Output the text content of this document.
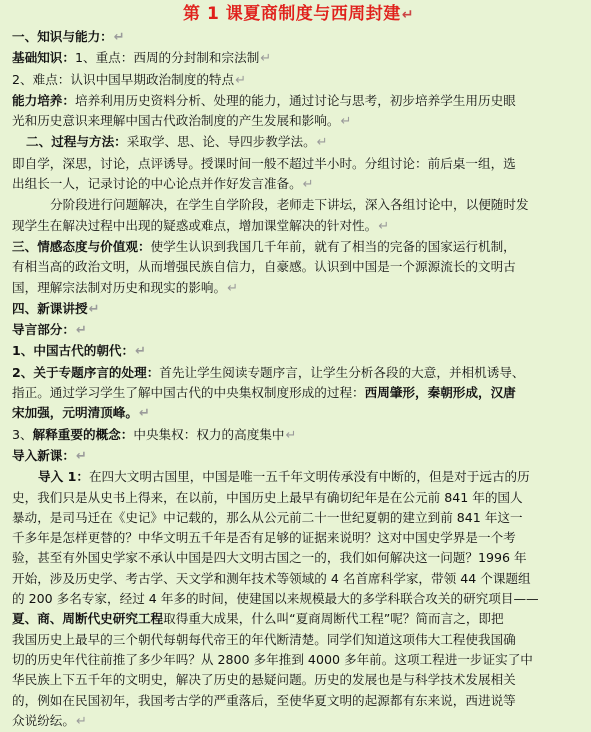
第 1 课夏商制度与西周封建↵

一、知识与能力：↵

基础知识：1、重点：西周的分封制和宗法制↵

2、难点：认识中国早期政治制度的特点↵

能力培养：培养利用历史资料分析、处理的能力，通过讨论与思考，初步培养学生用历史眼

光和历史意识来理解中国古代政治制度的产生发展和影响。↵

二、过程与方法：采取学、思、论、导四步教学法。↵

即自学，深思，讨论，点评诱导。授课时间一般不超过半小时。分组讨论：前后桌一组，选

出组长一人，记录讨论的中心论点并作好发言准备。↵

分阶段进行问题解决，在学生自学阶段，老师走下讲坛，深入各组讨论中，以便随时发

现学生在解决过程中出现的疑惑或难点，增加课堂解决的针对性。↵

三、情感态度与价值观：使学生认识到我国几千年前，就有了相当的完备的国家运行机制，

有相当高的政治文明，从而增强民族自信力，自豪感。认识到中国是一个源源流长的文明古

国，理解宗法制对历史和现实的影响。↵

四、新课讲授↵

导言部分：↵

1、中国古代的朝代：↵

2、关于专题序言的处理：首先让学生阅读专题序言，让学生分析各段的大意，并相机诱导、

指正。通过学习学生了解中国古代的中央集权制度形成的过程：西周肇形，秦朝形成，汉唐

宋加强，元明清顶峰。↵

3、解释重要的概念：中央集权：权力的高度集中↵

导入新课：↵

导入 1：在四大文明古国里，中国是唯一五千年文明传承没有中断的，但是对于远古的历

史，我们只是从史书上得来，在以前，中国历史上最早有确切纪年是在公元前 841 年的国人

暴动，是司马迁在《史记》中记载的，那么从公元前二十一世纪夏朝的建立到前 841 年这一

千多年是怎样更替的？中华文明五千年是否有足够的证据来说明？这对中国史学界是一个考

验，甚至有外国史学家不承认中国是四大文明古国之一的，我们如何解决这一问题？1996 年

开始，涉及历史学、考古学、天文学和测年技术等领域的 4 名首席科学家，带领 44 个课题组

的 200 多名专家，经过 4 年多的时间，使建国以来规模最大的多学科联合攻关的研究项目——

夏、商、周断代史研究工程取得重大成果，什么叫“夏商周断代工程”呢？简而言之，即把

我国历史上最早的三个朝代每朝每代帝王的年代断清楚。同学们知道这项伟大工程使我国确

切的历史年代往前推了多少年吗？从 2800 多年推到 4000 多年前。这项工程进一步证实了中

华民族上下五千年的文明史，解决了历史的悬疑问题。历史的发展也是与科学技术发展相关

的，例如在民国初年，我国考古学的严重落后，至使华夏文明的起源都有东来说，西进说等

众说纷纭。↵
